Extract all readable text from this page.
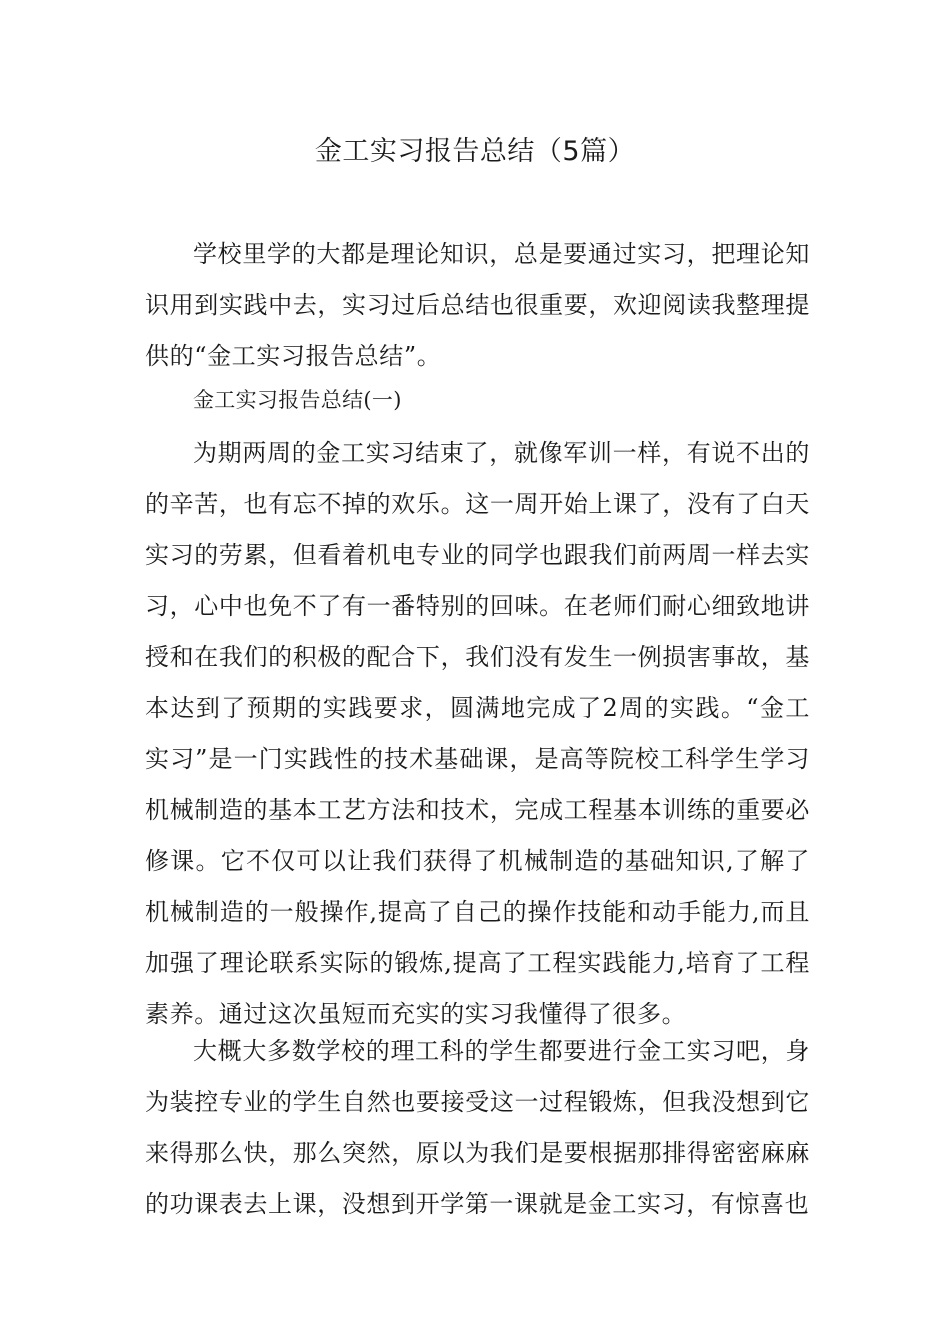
金工实习报告总结（5篇）

学校里学的大都是理论知识，总是要通过实习，把理论知识用到实践中去，实习过后总结也很重要，欢迎阅读我整理提供的“金工实习报告总结”。

金工实习报告总结(一)

为期两周的金工实习结束了，就像军训一样，有说不出的的辛苦，也有忘不掉的欢乐。这一周开始上课了，没有了白天实习的劳累，但看着机电专业的同学也跟我们前两周一样去实习，心中也免不了有一番特别的回味。在老师们耐心细致地讲授和在我们的积极的配合下，我们没有发生一例损害事故，基本达到了预期的实践要求，圆满地完成了2周的实践。“金工实习”是一门实践性的技术基础课，是高等院校工科学生学习机械制造的基本工艺方法和技术，完成工程基本训练的重要必修课。它不仅可以让我们获得了机械制造的基础知识,了解了机械制造的一般操作,提高了自己的操作技能和动手能力,而且加强了理论联系实际的锻炼,提高了工程实践能力,培育了工程素养。通过这次虽短而充实的实习我懂得了很多。

大概大多数学校的理工科的学生都要进行金工实习吧，身为装控专业的学生自然也要接受这一过程锻炼，但我没想到它来得那么快，那么突然，原以为我们是要根据那排得密密麻麻的功课表去上课，没想到开学第一课就是金工实习，有惊喜也
